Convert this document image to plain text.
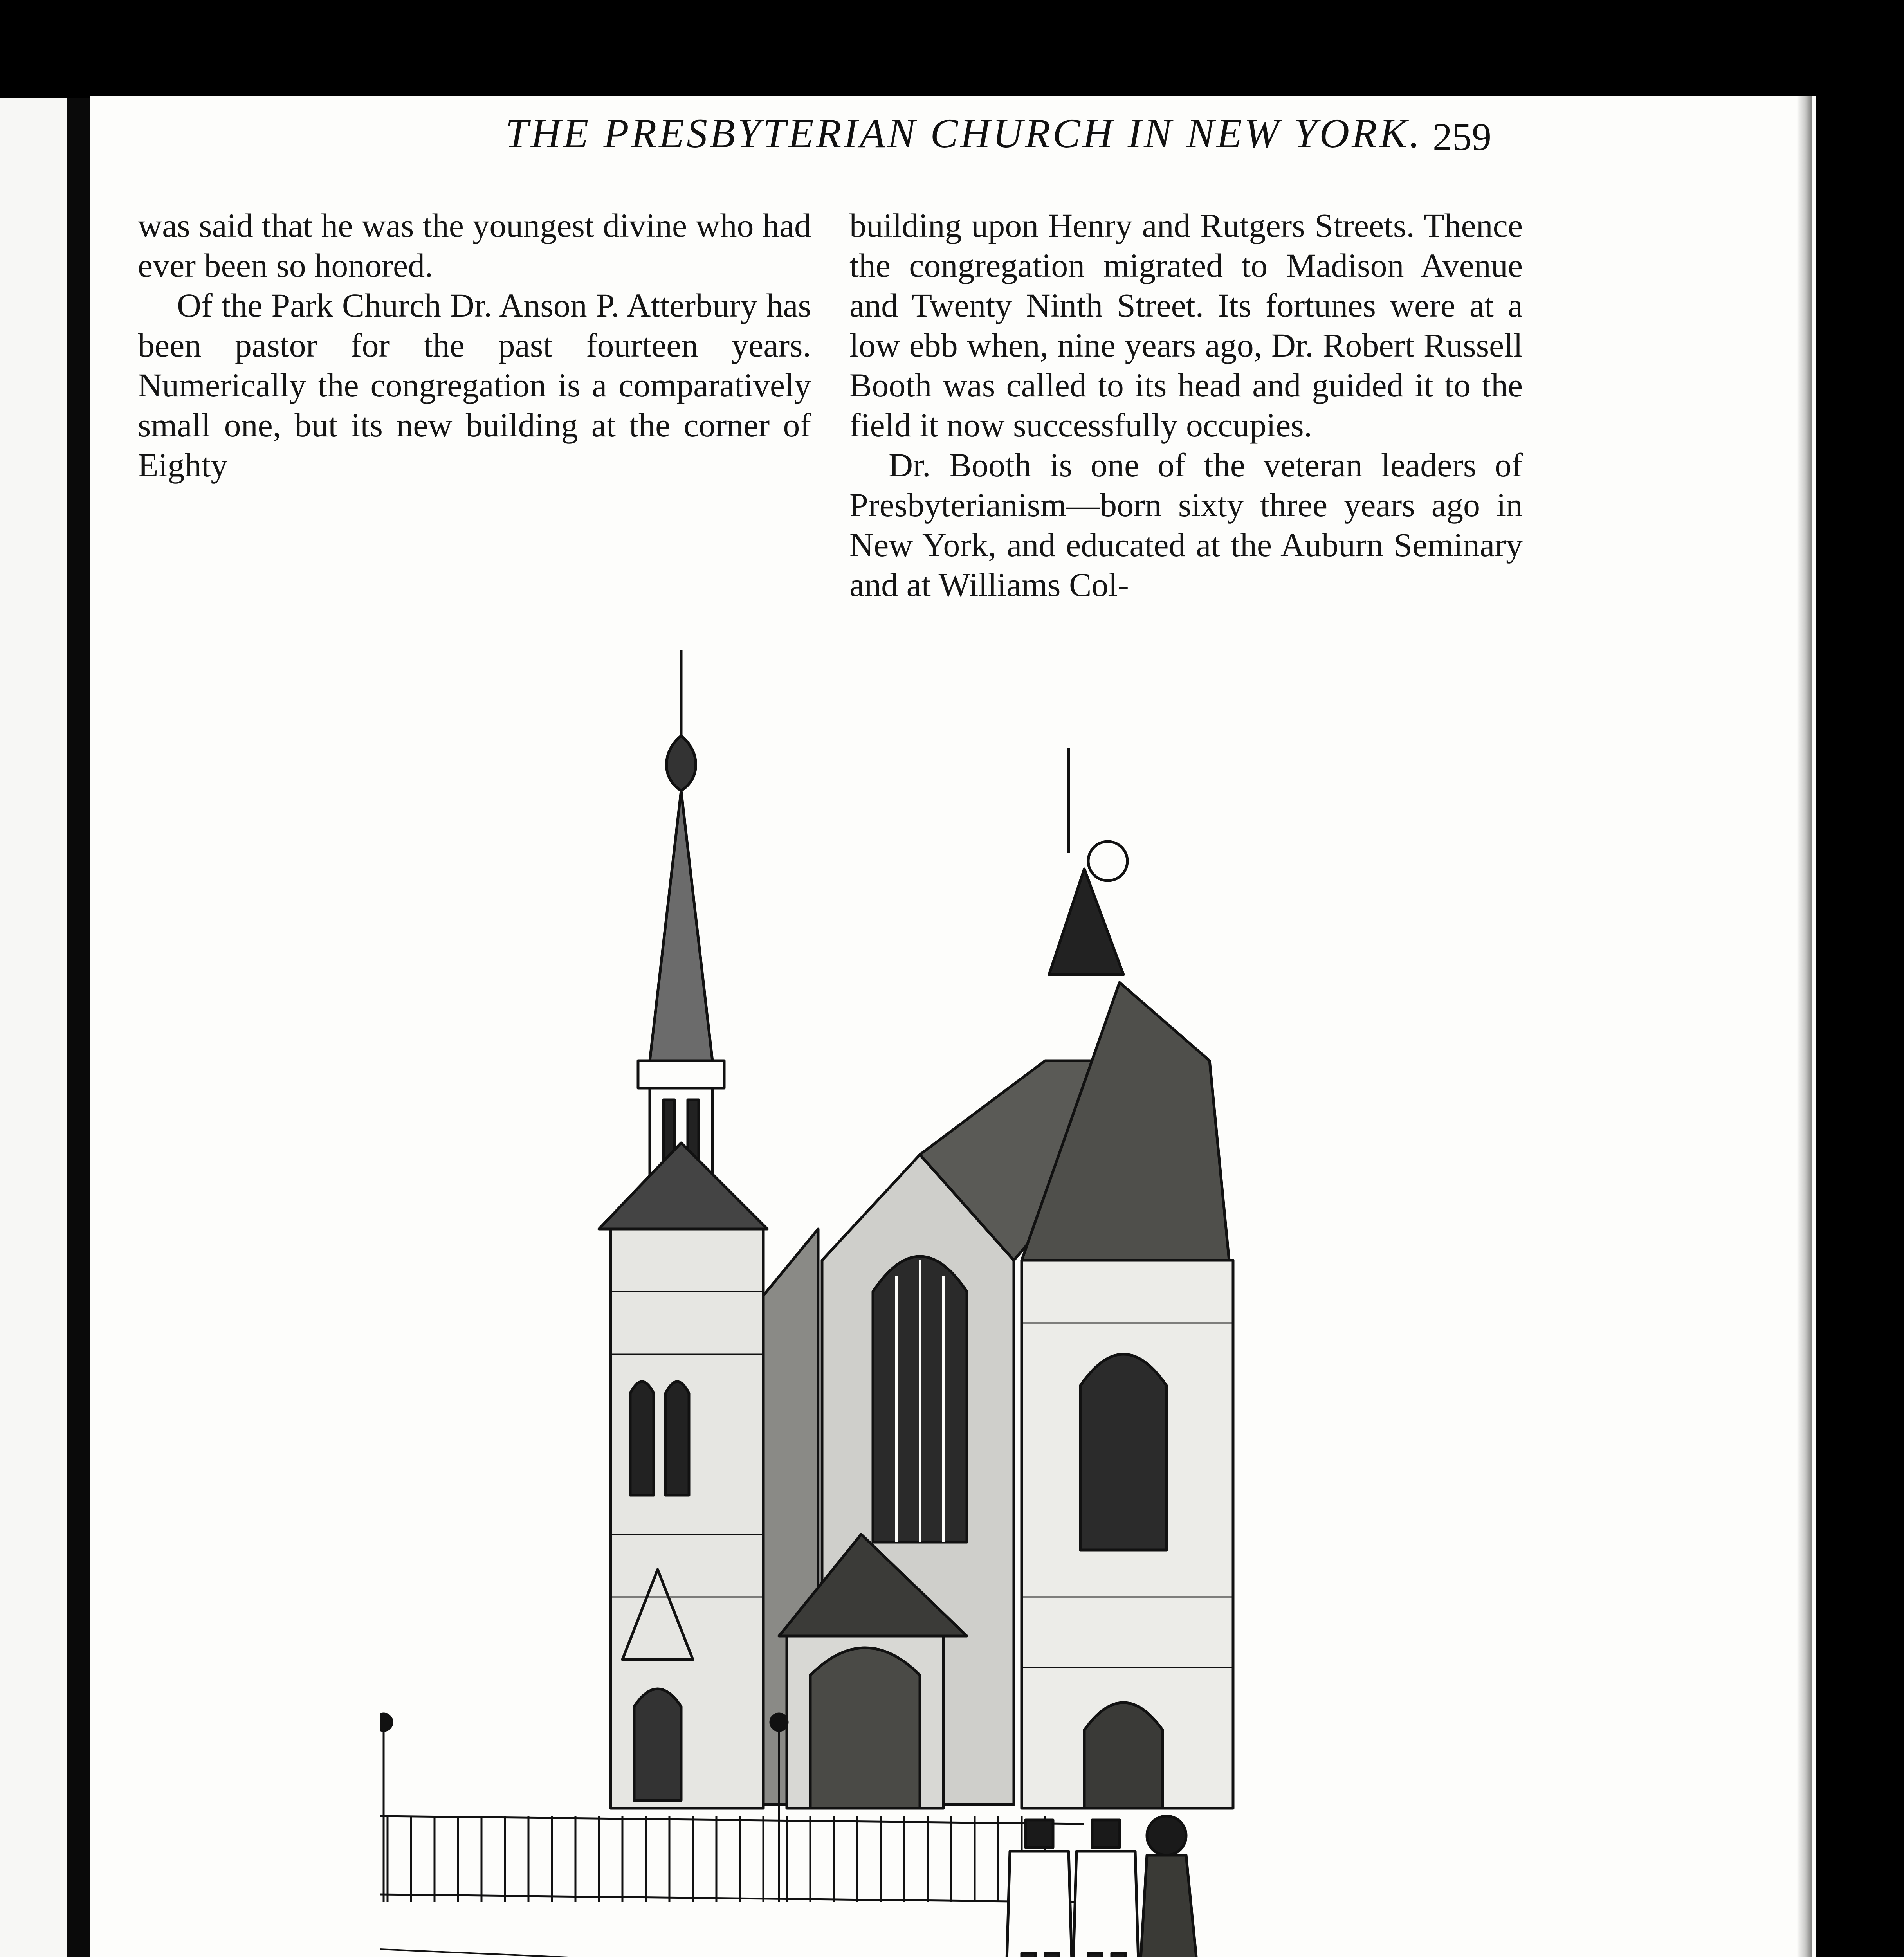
THE PRESBYTERIAN CHURCH IN NEW YORK. 259

was said that he was the youngest divine who had ever been so honored.

Of the Park Church Dr. Anson P. Atterbury has been pastor for the past fourteen years. Numerically the congregation is a comparatively small one, but its new building at the corner of Eighty

building upon Henry and Rutgers Streets. Thence the congregation migrated to Madison Avenue and Twenty Ninth Street. Its fortunes were at a low ebb when, nine years ago, Dr. Robert Russell Booth was called to its head and guided it to the field it now successfully occupies.

Dr. Booth is one of the veteran leaders of Presbyterianism—born sixty three years ago in New York, and educated at the Auburn Seminary and at Williams Col-
